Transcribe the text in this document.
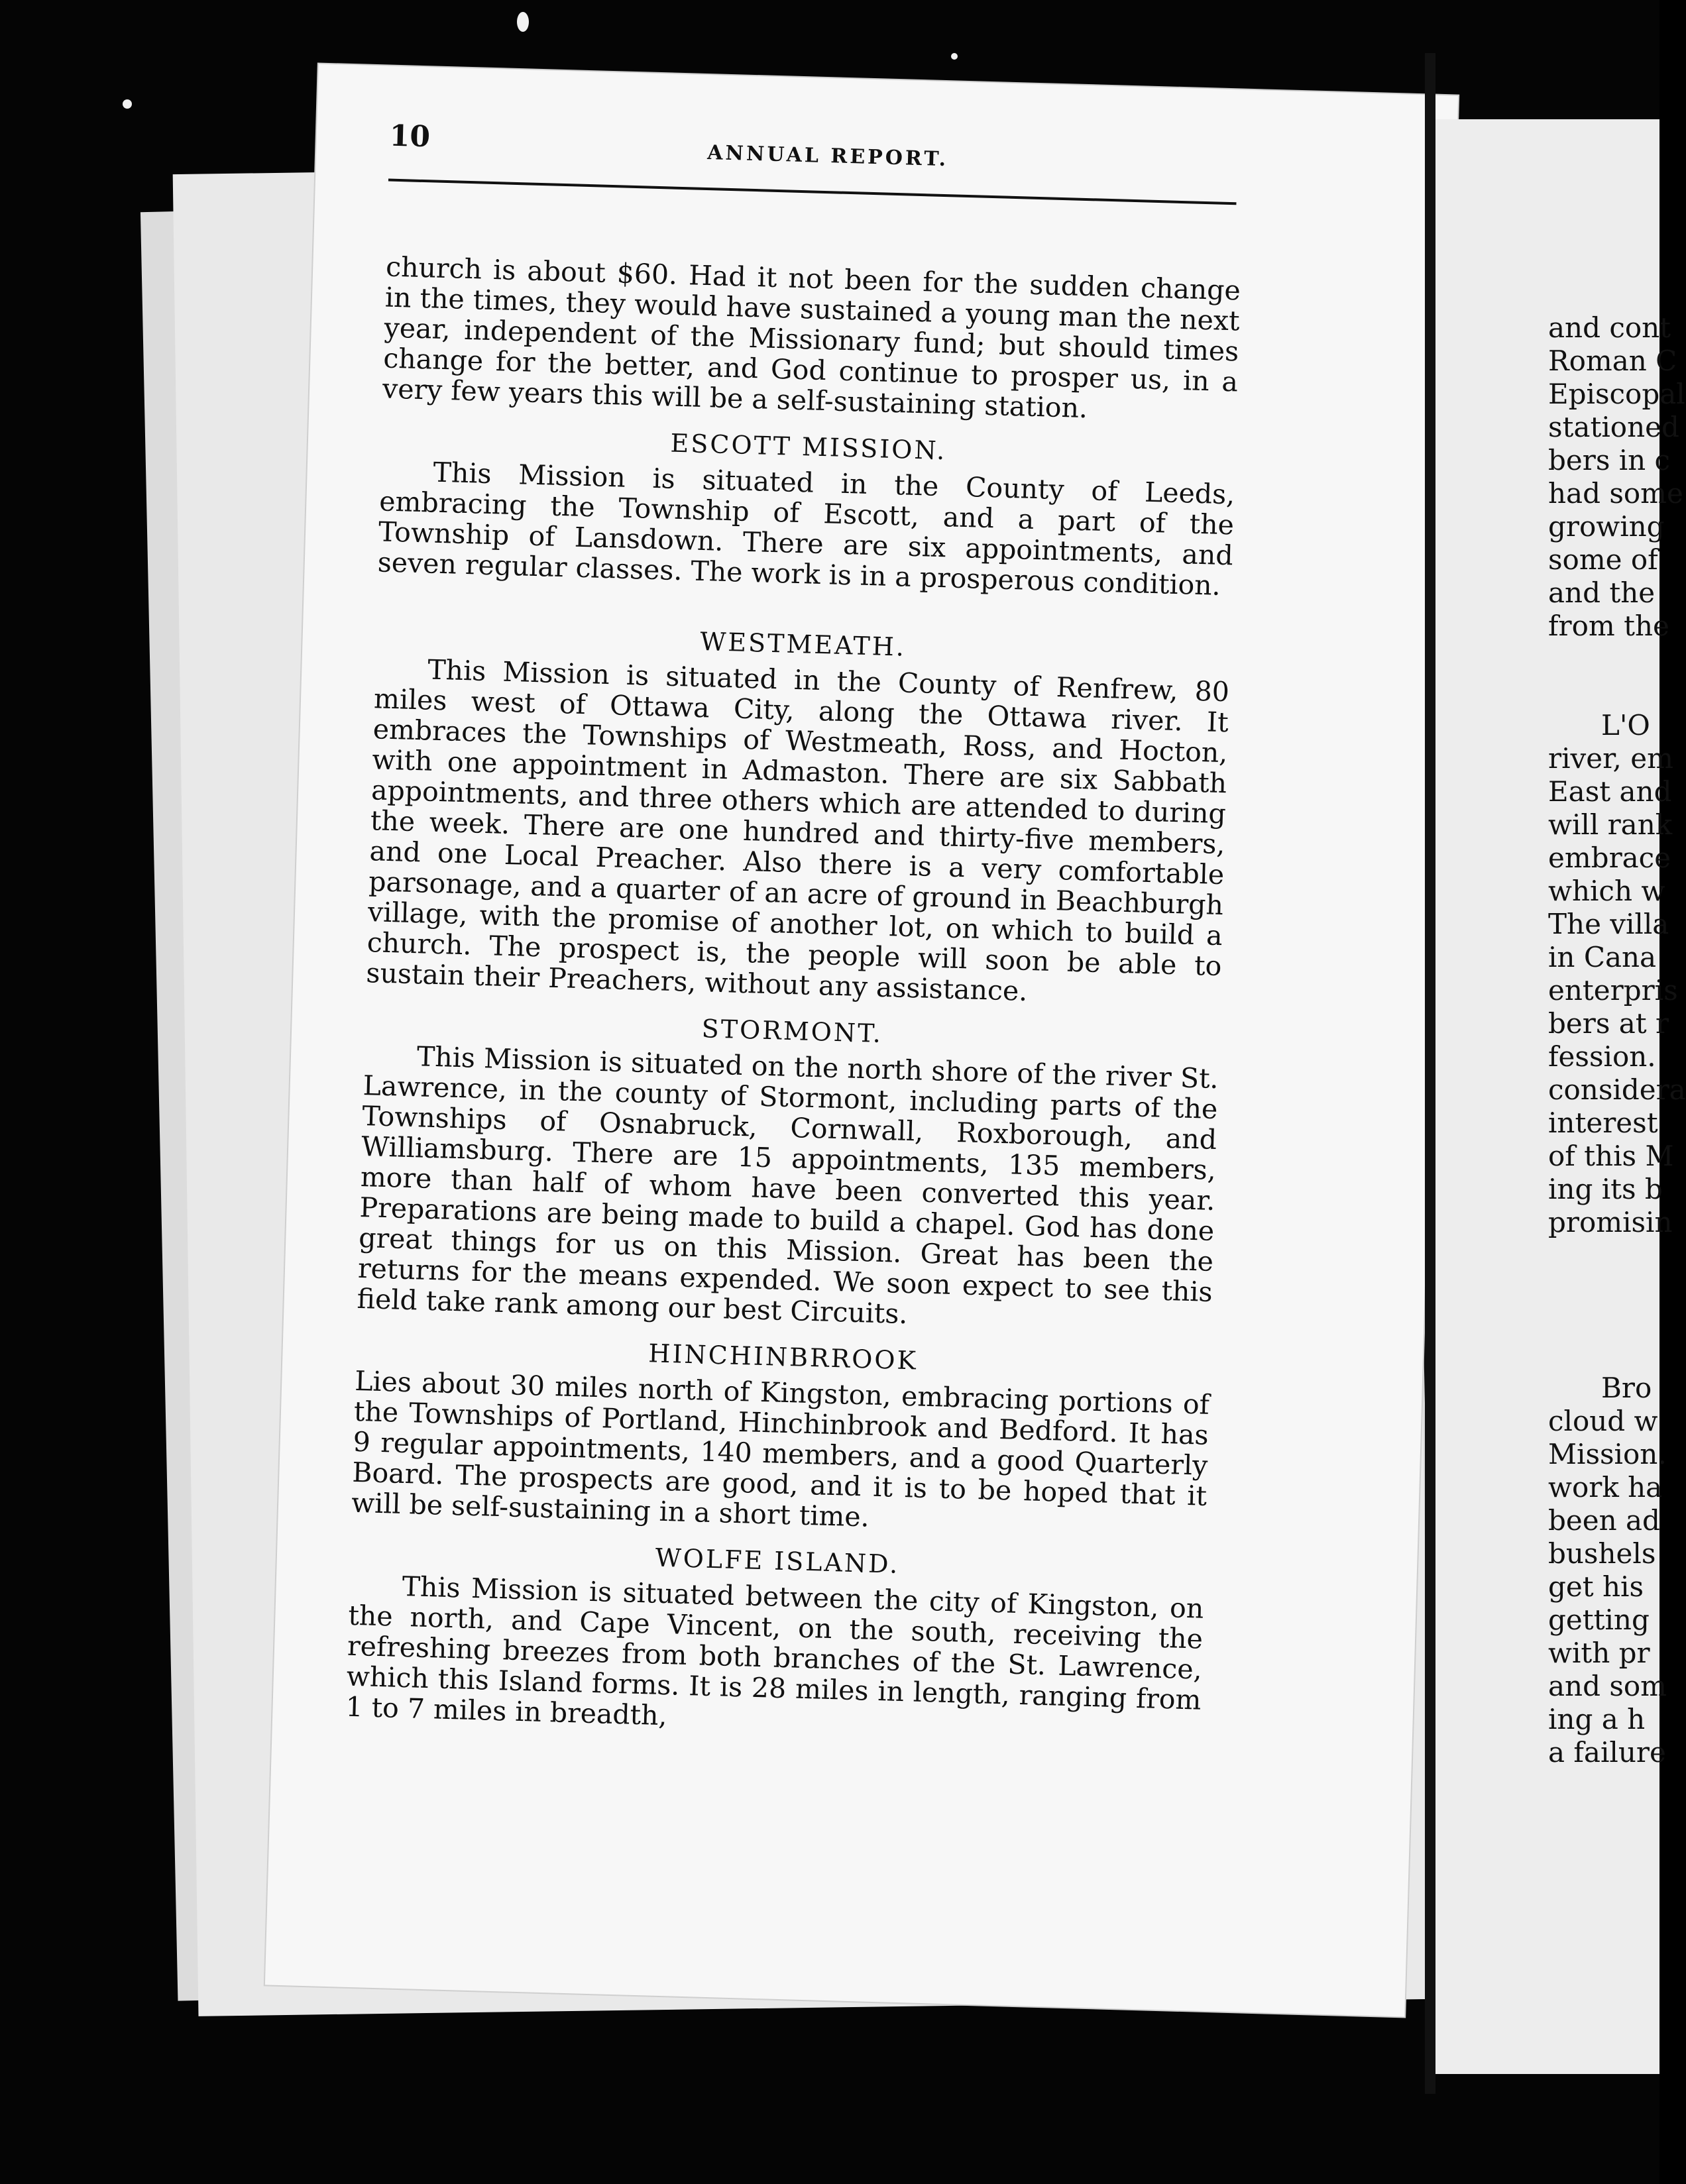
10
ANNUAL REPORT.

church is about $60. Had it not been for the sudden change in the times, they would have sustained a young man the next year, independent of the Missionary fund; but should times change for the better, and God continue to prosper us, in a very few years this will be a self-sustaining station.

ESCOTT MISSION.

This Mission is situated in the County of Leeds, embracing the Township of Escott, and a part of the Township of Lansdown. There are six appointments, and seven regular classes. The work is in a prosperous condition.

WESTMEATH.

This Mission is situated in the County of Renfrew, 80 miles west of Ottawa City, along the Ottawa river. It embraces the Townships of Westmeath, Ross, and Hocton, with one appointment in Admaston. There are six Sabbath appointments, and three others which are attended to during the week. There are one hundred and thirty-five members, and one Local Preacher. Also there is a very comfortable parsonage, and a quarter of an acre of ground in Beachburgh village, with the promise of another lot, on which to build a church. The prospect is, the people will soon be able to sustain their Preachers, without any assistance.

STORMONT.

This Mission is situated on the north shore of the river St. Lawrence, in the county of Stormont, including parts of the Townships of Osnabruck, Cornwall, Roxborough, and Williamsburg. There are 15 appointments, 135 members, more than half of whom have been converted this year. Preparations are being made to build a chapel. God has done great things for us on this Mission. Great has been the returns for the means expended. We soon expect to see this field take rank among our best Circuits.

HINCHINBRROOK

Lies about 30 miles north of Kingston, embracing portions of the Townships of Portland, Hinchinbrook and Bedford. It has 9 regular appointments, 140 members, and a good Quarterly Board. The prospects are good, and it is to be hoped that it will be self-sustaining in a short time.

WOLFE ISLAND.

This Mission is situated between the city of Kingston, on the north, and Cape Vincent, on the south, receiving the refreshing breezes from both branches of the St. Lawrence, which this Island forms. It is 28 miles in length, ranging from 1 to 7 miles in breadth,

and cont
Roman C
Episcopal
stationed
bers in c
had some
growing
some of
and the
from the
L'O
river, em
East and
will rank
embrace
which w
The villa
in Cana
enterpris
bers at r
fession.
considera
interest
of this M
ing its b
promisin
Bro
cloud w
Mission.
work ha
been ad
bushels
get his
getting
with pr
and som
ing a h
a failure
